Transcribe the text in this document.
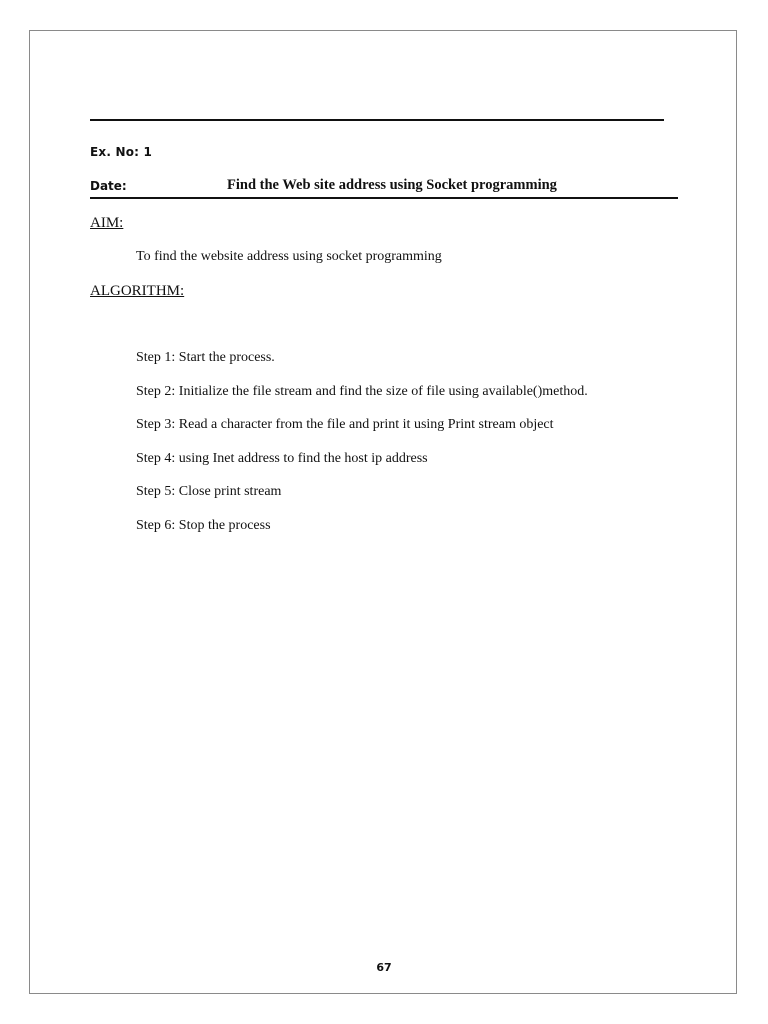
Ex. No: 1
Date:	Find the Web site address using Socket programming
AIM:
To find the website address using socket programming
ALGORITHM:
Step 1: Start the process.
Step 2: Initialize the file stream and find the size of file using available()method.
Step 3: Read a character from the file and print it using Print stream object
Step 4: using Inet address to find the host ip address
Step 5: Close print stream
Step 6: Stop the process
67
